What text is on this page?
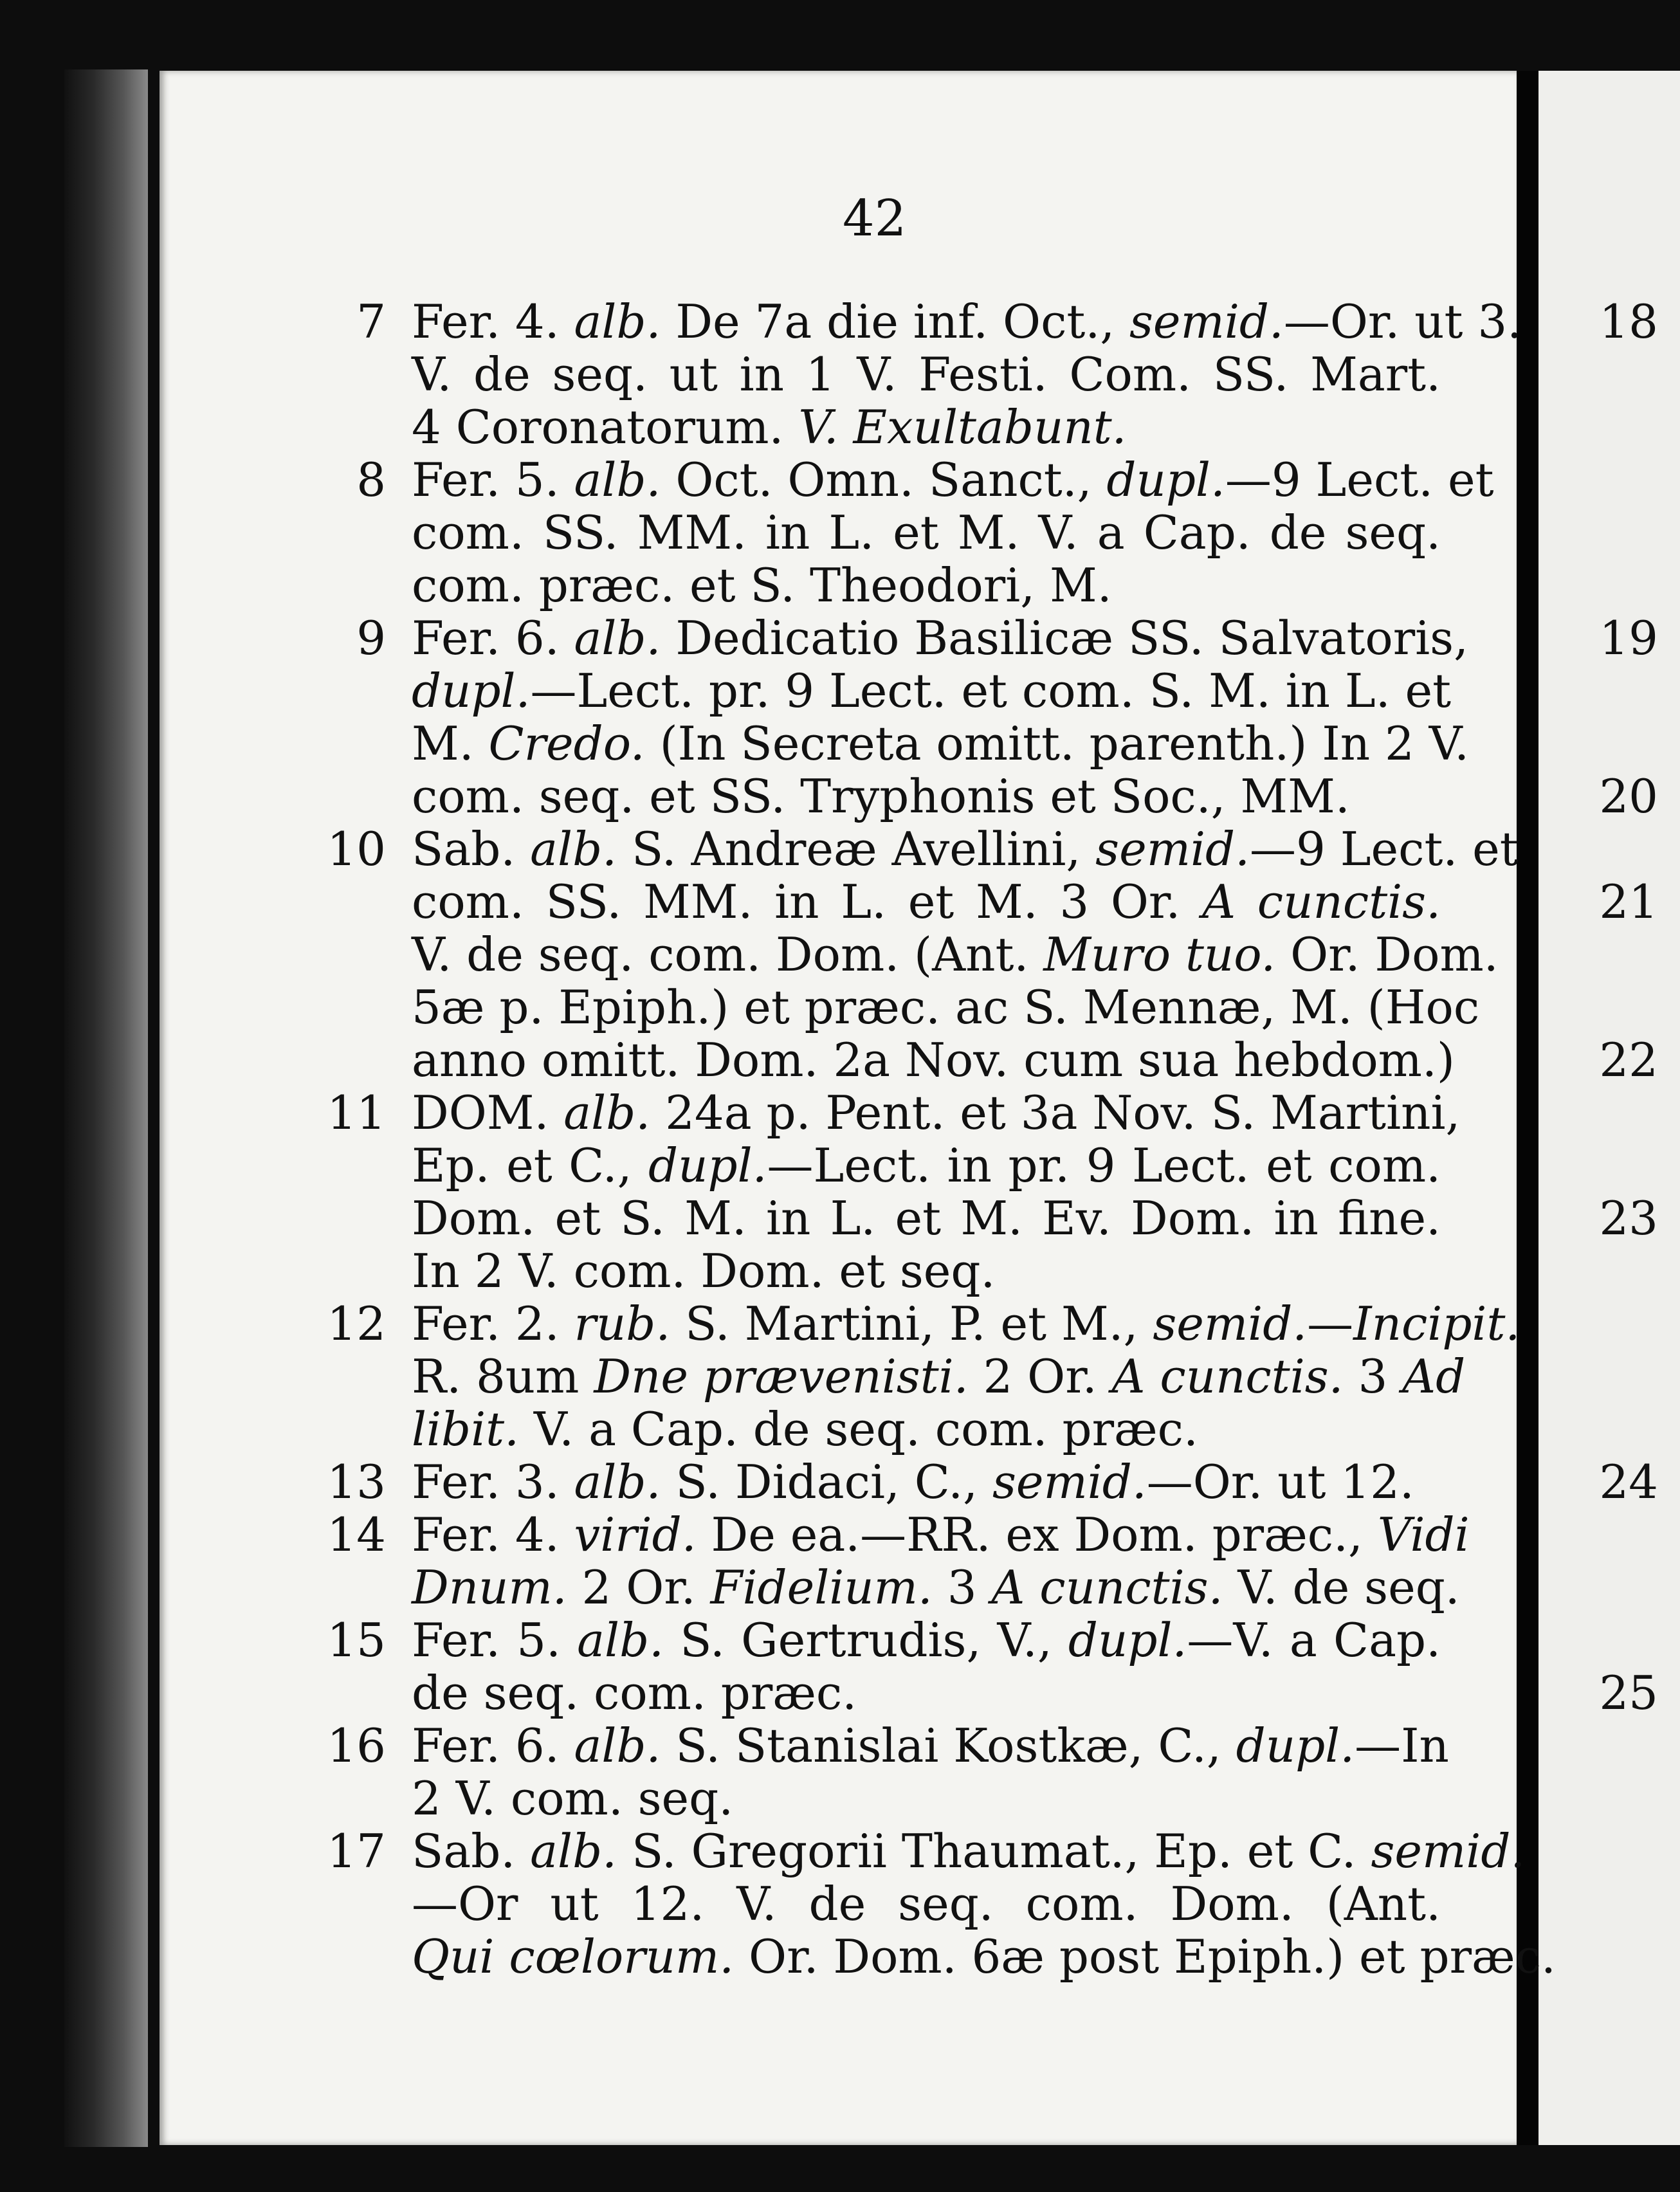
42
7 Fer. 4. alb. De 7a die inf. Oct., semid.—Or. ut 3.
V. de seq. ut in 1 V. Festi. Com. SS. Mart.
4 Coronatorum. V. Exultabunt.
8 Fer. 5. alb. Oct. Omn. Sanct., dupl.—9 Lect. et
com. SS. MM. in L. et M. V. a Cap. de seq.
com. præc. et S. Theodori, M.
9 Fer. 6. alb. Dedicatio Basilicæ SS. Salvatoris,
dupl.—Lect. pr. 9 Lect. et com. S. M. in L. et
M. Credo. (In Secreta omitt. parenth.) In 2 V.
com. seq. et SS. Tryphonis et Soc., MM.
10 Sab. alb. S. Andreæ Avellini, semid.—9 Lect. et
com. SS. MM. in L. et M. 3 Or. A cunctis.
V. de seq. com. Dom. (Ant. Muro tuo. Or. Dom.
5æ p. Epiph.) et præc. ac S. Mennæ, M. (Hoc
anno omitt. Dom. 2a Nov. cum sua hebdom.)
11 DOM. alb. 24a p. Pent. et 3a Nov. S. Martini,
Ep. et C., dupl.—Lect. in pr. 9 Lect. et com.
Dom. et S. M. in L. et M. Ev. Dom. in fine.
In 2 V. com. Dom. et seq.
12 Fer. 2. rub. S. Martini, P. et M., semid.—Incipit.
R. 8um Dne prævenisti. 2 Or. A cunctis. 3 Ad
libit. V. a Cap. de seq. com. præc.
13 Fer. 3. alb. S. Didaci, C., semid.—Or. ut 12.
14 Fer. 4. virid. De ea.—RR. ex Dom. præc., Vidi
Dnum. 2 Or. Fidelium. 3 A cunctis. V. de seq.
15 Fer. 5. alb. S. Gertrudis, V., dupl.—V. a Cap.
de seq. com. præc.
16 Fer. 6. alb. S. Stanislai Kostkæ, C., dupl.—In
2 V. com. seq.
17 Sab. alb. S. Gregorii Thaumat., Ep. et C. semid.
—Or ut 12. V. de seq. com. Dom. (Ant.
Qui cœlorum. Or. Dom. 6æ post Epiph.) et præc.
18
19
20
21
22
23
24
25
